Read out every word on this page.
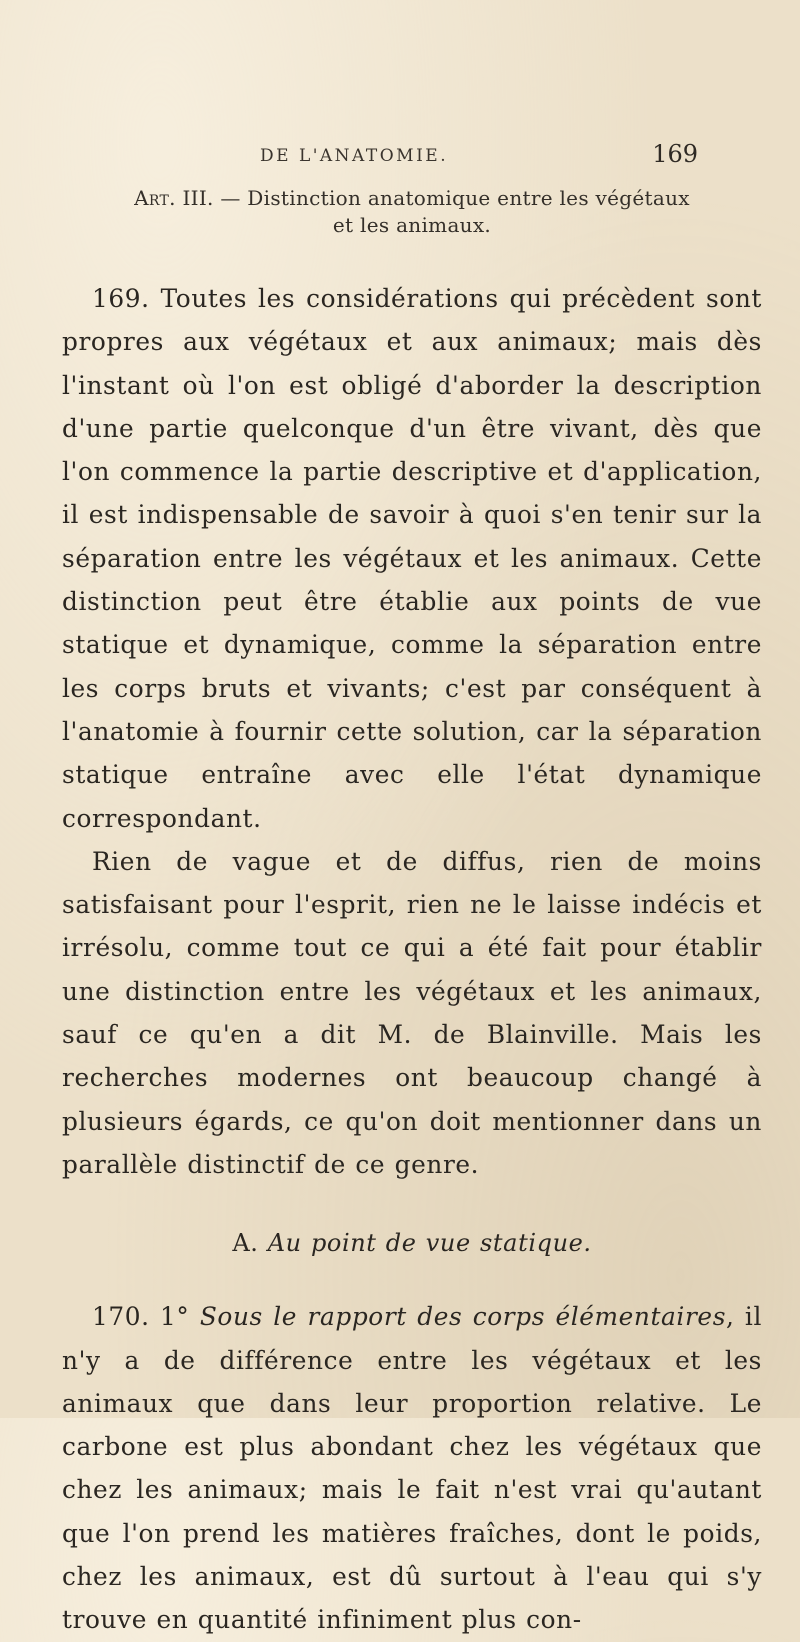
DE L'ANATOMIE.	169
Art. III. — Distinction anatomique entre les végétaux
et les animaux.

169. Toutes les considérations qui précèdent sont propres aux végétaux et aux animaux; mais dès l'instant où l'on est obligé d'aborder la description d'une partie quelconque d'un être vivant, dès que l'on commence la partie descriptive et d'application, il est indispensable de savoir à quoi s'en tenir sur la séparation entre les végétaux et les animaux. Cette distinction peut être établie aux points de vue statique et dynamique, comme la séparation entre les corps bruts et vivants; c'est par conséquent à l'anatomie à fournir cette solution, car la séparation statique entraîne avec elle l'état dynamique correspondant.

Rien de vague et de diffus, rien de moins satisfaisant pour l'esprit, rien ne le laisse indécis et irrésolu, comme tout ce qui a été fait pour établir une distinction entre les végétaux et les animaux, sauf ce qu'en a dit M. de Blainville. Mais les recherches modernes ont beaucoup changé à plusieurs égards, ce qu'on doit mentionner dans un parallèle distinctif de ce genre.

A. Au point de vue statique.

170. 1° Sous le rapport des corps élémentaires, il n'y a de différence entre les végétaux et les animaux que dans leur proportion relative. Le carbone est plus abondant chez les végétaux que chez les animaux; mais le fait n'est vrai qu'autant que l'on prend les matières fraîches, dont le poids, chez les animaux, est dû surtout à l'eau qui s'y trouve en quantité infiniment plus con-
